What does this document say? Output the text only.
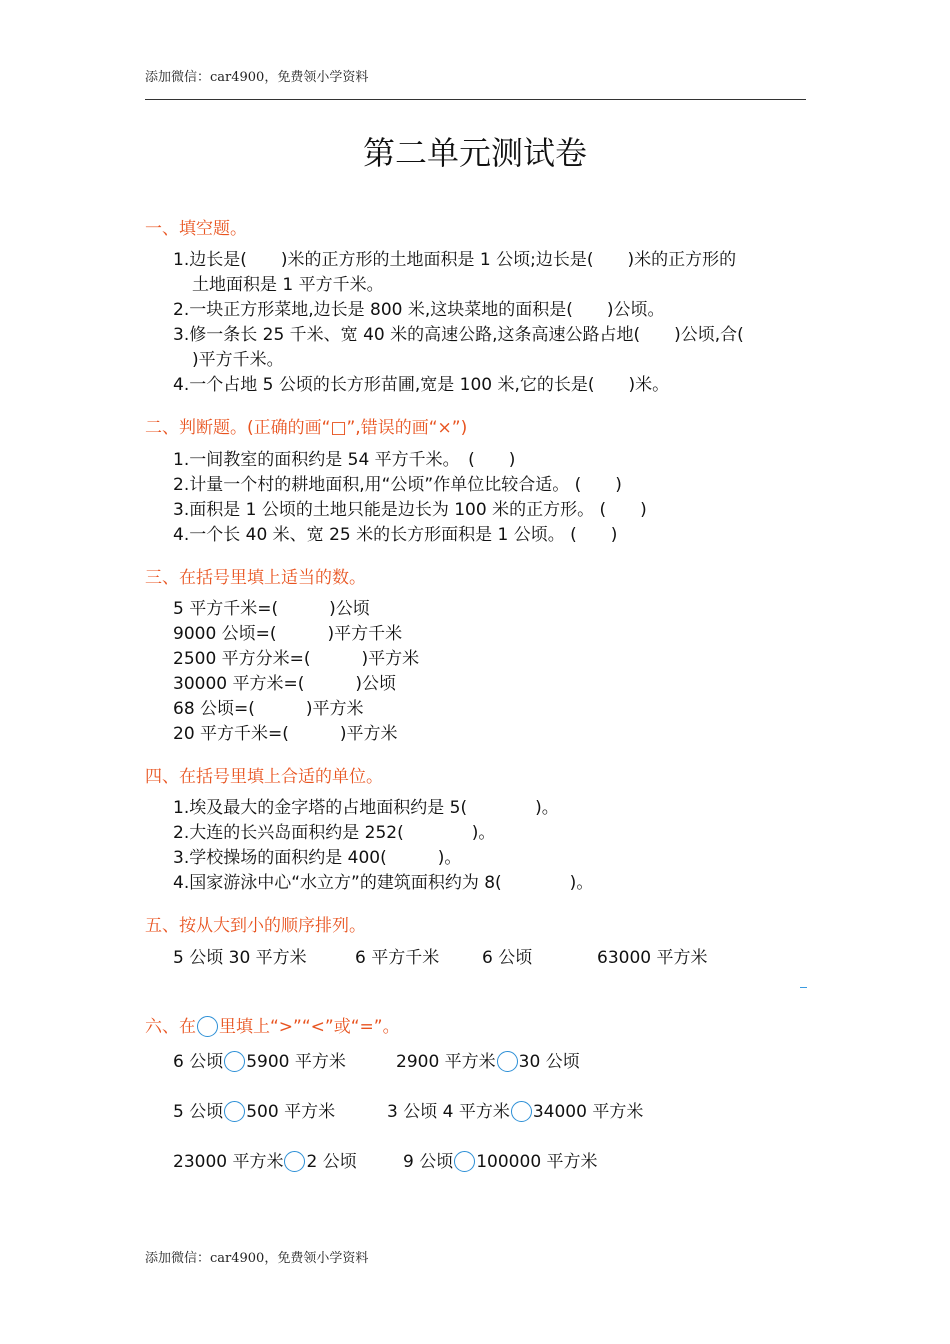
添加微信：car4900，免费领小学资料
第二单元测试卷
一、填空题。
1.边长是(　　)米的正方形的土地面积是 1 公顷;边长是(　　)米的正方形的
土地面积是 1 平方千米。
2.一块正方形菜地,边长是 800 米,这块菜地的面积是(　　)公顷。
3.修一条长 25 千米、宽 40 米的高速公路,这条高速公路占地(　　)公顷,合(
)平方千米。
4.一个占地 5 公顷的长方形苗圃,宽是 100 米,它的长是(　　)米。
二、判断题。(正确的画“□”,错误的画“×”)
1.一间教室的面积约是 54 平方千米。　(　　)
2.计量一个村的耕地面积,用“公顷”作单位比较合适。 (　　)
3.面积是 1 公顷的土地只能是边长为 100 米的正方形。 (　　)
4.一个长 40 米、宽 25 米的长方形面积是 1 公顷。 (　　)
三、在括号里填上适当的数。
5 平方千米=(　　　)公顷
9000 公顷=(　　　)平方千米
2500 平方分米=(　　　)平方米
30000 平方米=(　　　)公顷
68 公顷=(　　　)平方米
20 平方千米=(　　　)平方米
四、在括号里填上合适的单位。
1.埃及最大的金字塔的占地面积约是 5(　　　　)。
2.大连的长兴岛面积约是 252(　　　　)。
3.学校操场的面积约是 400(　　　)。
4.国家游泳中心“水立方”的建筑面积约为 8(　　　　)。
五、按从大到小的顺序排列。
5 公顷 30 平方米	6 平方千米	6 公顷	63000 平方米
六、在 里填上“>”“<”或“=”。
6 公顷 5900 平方米	2900 平方米 30 公顷
5 公顷 500 平方米	3 公顷 4 平方米 34000 平方米
23000 平方米 2 公顷	9 公顷 100000 平方米
添加微信：car4900，免费领小学资料
